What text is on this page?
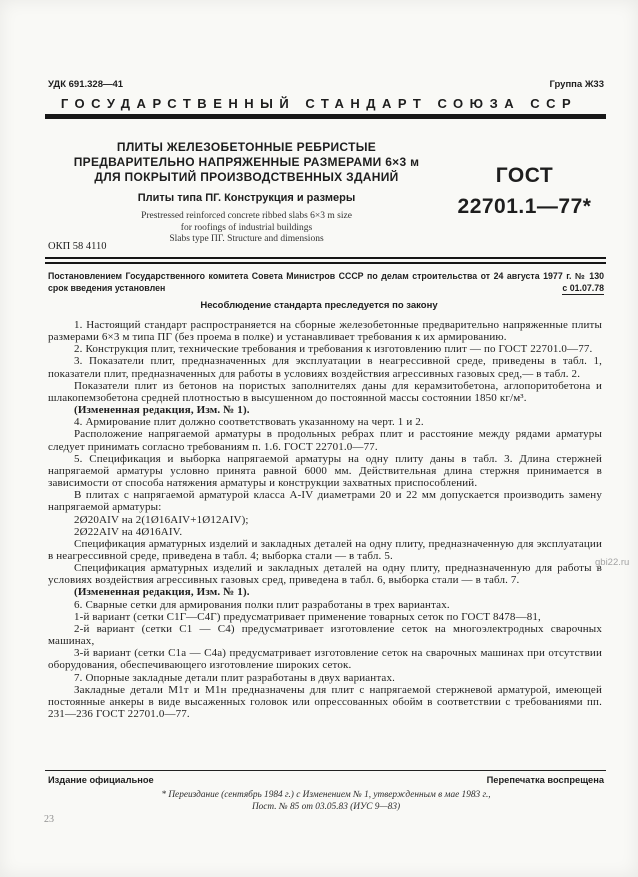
УДК 691.328—41	Группа Ж33
ГОСУДАРСТВЕННЫЙ СТАНДАРТ СОЮЗА ССР
ПЛИТЫ ЖЕЛЕЗОБЕТОННЫЕ РЕБРИСТЫЕ
ПРЕДВАРИТЕЛЬНО НАПРЯЖЕННЫЕ РАЗМЕРАМИ 6×3 м
ДЛЯ ПОКРЫТИЙ ПРОИЗВОДСТВЕННЫХ ЗДАНИЙ
Плиты типа ПГ. Конструкция и размеры
Prestressed reinforced concrete ribbed slabs 6×3 m size
for roofings of industrial buildings
Slabs type ПГ. Structure and dimensions
ГОСТ
22701.1—77*
ОКП 58 4110
Постановлением Государственного комитета Совета Министров СССР по делам строительства от 24 августа 1977 г. № 130
срок введения установлен	с 01.07.78
Несоблюдение стандарта преследуется по закону
1. Настоящий стандарт распространяется на сборные железобетонные предварительно напряженные плиты размерами 6×3 м типа ПГ (без проема в полке) и устанавливает требования к их армированию.
2. Конструкция плит, технические требования и требования к изготовлению плит — по ГОСТ 22701.0—77.
3. Показатели плит, предназначенных для эксплуатации в неагрессивной среде, приведены в табл. 1, показатели плит, предназначенных для работы в условиях воздействия агрессивных газовых сред,— в табл. 2.
Показатели плит из бетонов на пористых заполнителях даны для керамзитобетона, аглопоритобетона и шлакопемзобетона средней плотностью в высушенном до постоянной массы состоянии 1850 кг/м³.
(Измененная редакция, Изм. № 1).
4. Армирование плит должно соответствовать указанному на черт. 1 и 2.
Расположение напрягаемой арматуры в продольных ребрах плит и расстояние между рядами арматуры следует принимать согласно требованиям п. 1.6. ГОСТ 22701.0—77.
5. Спецификация и выборка напрягаемой арматуры на одну плиту даны в табл. 3. Длина стержней напрягаемой арматуры условно принята равной 6000 мм. Действительная длина стержня принимается в зависимости от способа натяжения арматуры и конструкции захватных приспособлений.
В плитах с напрягаемой арматурой класса А-IV диаметрами 20 и 22 мм допускается производить замену напрягаемой арматуры:
2Ø20АIV на 2(1Ø16АIV+1Ø12АIV);
2Ø22АIV на 4Ø16АIV.
Спецификация арматурных изделий и закладных деталей на одну плиту, предназначенную для эксплуатации в неагрессивной среде, приведена в табл. 4; выборка стали — в табл. 5.
Спецификация арматурных изделий и закладных деталей на одну плиту, предназначенную для работы в условиях воздействия агрессивных газовых сред, приведена в табл. 6, выборка стали — в табл. 7.
(Измененная редакция, Изм. № 1).
6. Сварные сетки для армирования полки плит разработаны в трех вариантах.
1-й вариант (сетки С1Г—С4Г) предусматривает применение товарных сеток по ГОСТ 8478—81,
2-й вариант (сетки С1 — С4) предусматривает изготовление сеток на многоэлектродных сварочных машинах,
3-й вариант (сетки С1а — С4а) предусматривает изготовление сеток на сварочных машинах при отсутствии оборудования, обеспечивающего изготовление широких сеток.
7. Опорные закладные детали плит разработаны в двух вариантах.
Закладные детали М1т и М1н предназначены для плит с напрягаемой стержневой арматурой, имеющей постоянные анкеры в виде высаженных головок или опрессованных обойм в соответствии с требованиями пп. 231—236 ГОСТ 22701.0—77.
Издание официальное	Перепечатка воспрещена
* Переиздание (сентябрь 1984 г.) с Изменением № 1, утвержденным в мае 1983 г.,
Пост. № 85 от 03.05.83 (ИУС 9—83)
gbi22.ru
23
